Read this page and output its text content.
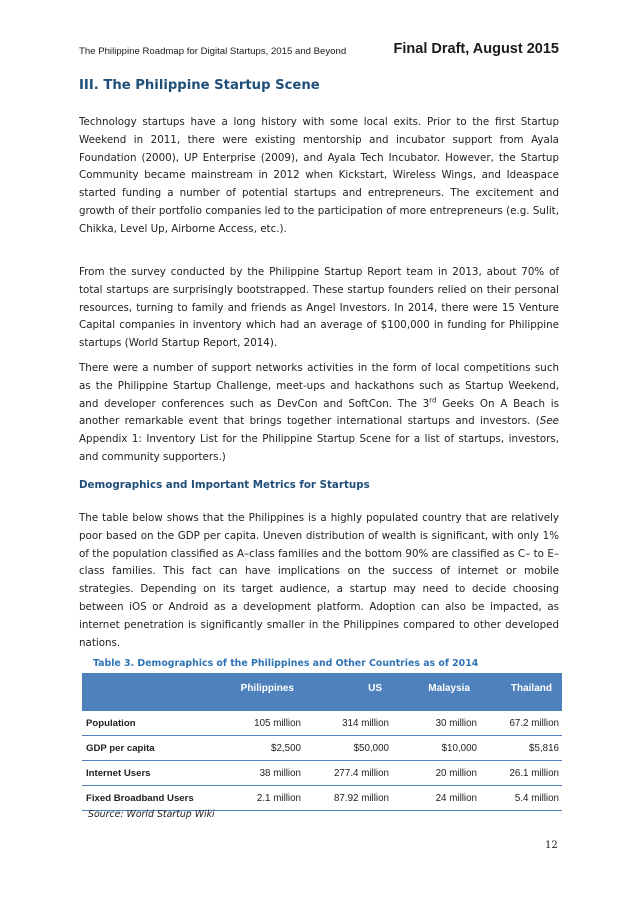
The Philippine Roadmap for Digital Startups, 2015 and Beyond	Final Draft, August 2015
III. The Philippine Startup Scene

Technology startups have a long history with some local exits. Prior to the first Startup Weekend in 2011, there were existing mentorship and incubator support from Ayala Foundation (2000), UP Enterprise (2009), and Ayala Tech Incubator. However, the Startup Community became mainstream in 2012 when Kickstart, Wireless Wings, and Ideaspace started funding a number of potential startups and entrepreneurs. The excitement and growth of their portfolio companies led to the participation of more entrepreneurs (e.g. Sulit, Chikka, Level Up, Airborne Access, etc.).

From the survey conducted by the Philippine Startup Report team in 2013, about 70% of total startups are surprisingly bootstrapped. These startup founders relied on their personal resources, turning to family and friends as Angel Investors. In 2014, there were 15 Venture Capital companies in inventory which had an average of $100,000 in funding for Philippine startups (World Startup Report, 2014).

There were a number of support networks activities in the form of local competitions such as the Philippine Startup Challenge, meet-ups and hackathons such as Startup Weekend, and developer conferences such as DevCon and SoftCon. The 3rd Geeks On A Beach is another remarkable event that brings together international startups and investors. (See Appendix 1: Inventory List for the Philippine Startup Scene for a list of startups, investors, and community supporters.)

Demographics and Important Metrics for Startups

The table below shows that the Philippines is a highly populated country that are relatively poor based on the GDP per capita. Uneven distribution of wealth is significant, with only 1% of the population classified as A–class families and the bottom 90% are classified as C– to E–class families. This fact can have implications on the success of internet or mobile strategies. Depending on its target audience, a startup may need to decide choosing between iOS or Android as a development platform. Adoption can also be impacted, as internet penetration is significantly smaller in the Philippines compared to other developed nations.

Table 3. Demographics of the Philippines and Other Countries as of 2014

	Philippines	US	Malaysia	Thailand
Population	105 million	314 million	30 million	67.2 million
GDP per capita	$2,500	$50,000	$10,000	$5,816
Internet Users	38 million	277.4 million	20 million	26.1 million
Fixed Broadband Users	2.1 million	87.92 million	24 million	5.4 million

Source: World Startup Wiki

12
